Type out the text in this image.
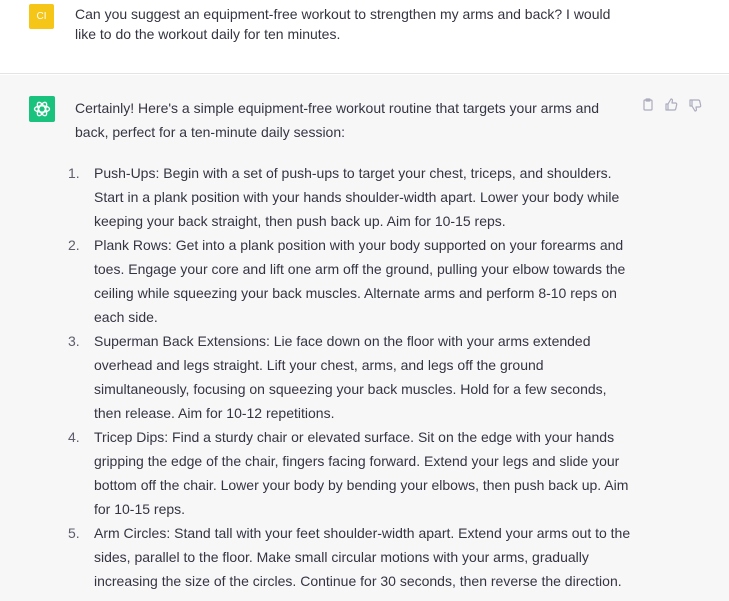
CI	Can you suggest an equipment-free workout to strengthen my arms and back? I would like to do the workout daily for ten minutes.
Certainly! Here's a simple equipment-free workout routine that targets your arms and back, perfect for a ten-minute daily session:
1.	Push-Ups: Begin with a set of push-ups to target your chest, triceps, and shoulders. Start in a plank position with your hands shoulder-width apart. Lower your body while keeping your back straight, then push back up. Aim for 10-15 reps.
2.	Plank Rows: Get into a plank position with your body supported on your forearms and toes. Engage your core and lift one arm off the ground, pulling your elbow towards the ceiling while squeezing your back muscles. Alternate arms and perform 8-10 reps on each side.
3.	Superman Back Extensions: Lie face down on the floor with your arms extended overhead and legs straight. Lift your chest, arms, and legs off the ground simultaneously, focusing on squeezing your back muscles. Hold for a few seconds, then release. Aim for 10-12 repetitions.
4.	Tricep Dips: Find a sturdy chair or elevated surface. Sit on the edge with your hands gripping the edge of the chair, fingers facing forward. Extend your legs and slide your bottom off the chair. Lower your body by bending your elbows, then push back up. Aim for 10-15 reps.
5.	Arm Circles: Stand tall with your feet shoulder-width apart. Extend your arms out to the sides, parallel to the floor. Make small circular motions with your arms, gradually increasing the size of the circles. Continue for 30 seconds, then reverse the direction.
